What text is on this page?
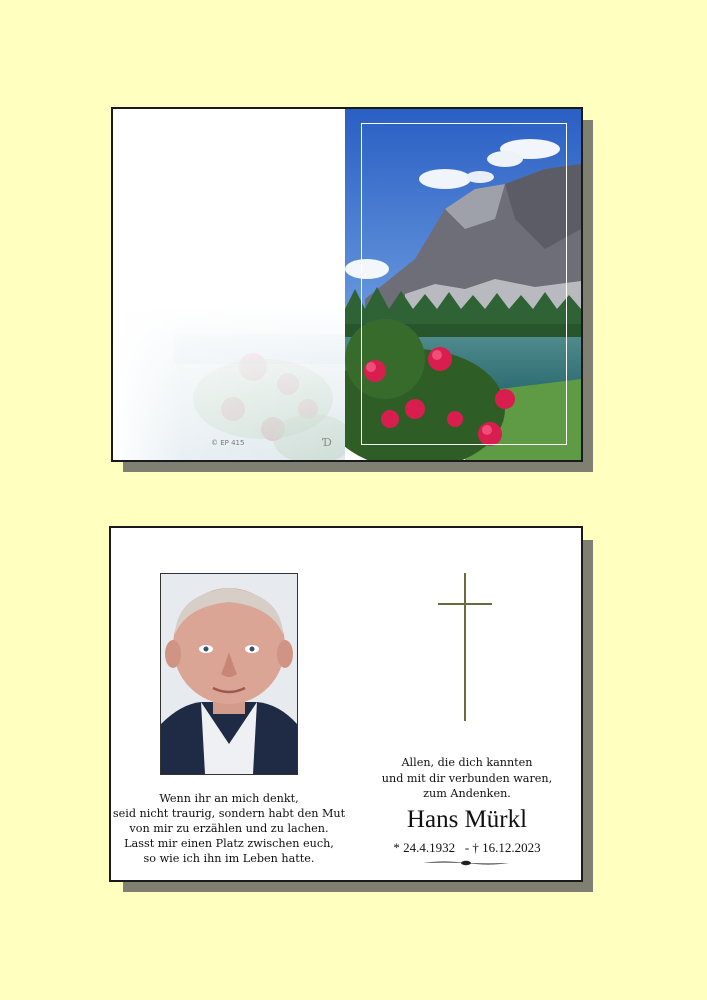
© EP 415	Ɗ
Wenn ihr an mich denkt,
seid nicht traurig, sondern habt den Mut
von mir zu erzählen und zu lachen.
Lasst mir einen Platz zwischen euch,
so wie ich ihn im Leben hatte.
Allen, die dich kannten
und mit dir verbunden waren,
zum Andenken.
Hans Mürkl
* 24.4.1932 - † 16.12.2023
